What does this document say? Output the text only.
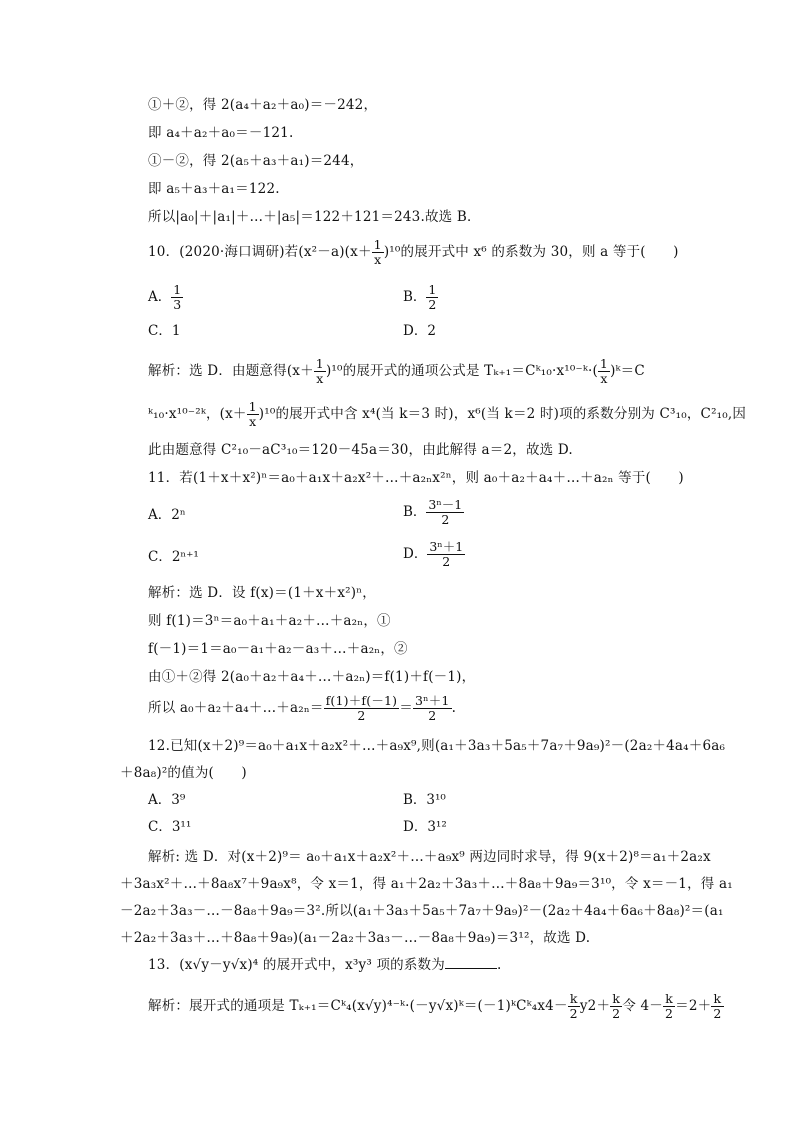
①＋②，得 2(a₄＋a₂＋a₀)＝－242，
即 a₄＋a₂＋a₀＝－121.
①－②，得 2(a₅＋a₃＋a₁)＝244，
即 a₅＋a₃＋a₁＝122.
所以|a₀|＋|a₁|＋…＋|a₅|＝122＋121＝243.故选 B．
10．(2020·海口调研)若$(x^2-a)(x+ \frac{1}{x} )^{10}$的展开式中 x⁶ 的系数为 30，则 a 等于(　　)
A． $\frac{1}{3}$	B． $\frac{1}{2}$
C．1	D．2
解析：选 D．由题意得$(x+ \frac{1}{x} )^{10}$的展开式的通项公式是 Tₖ₊₁＝Cᵏ₁₀·x¹⁰⁻ᵏ·( $\frac{1}{x}$ )ᵏ＝C
ᵏ₁₀·x¹⁰⁻²ᵏ，$(x+ \frac{1}{x} )^{10}$的展开式中含 x⁴(当 k＝3 时)，x⁶(当 k＝2 时)项的系数分别为 C³₁₀，C²₁₀,因
此由题意得 C²₁₀－aC³₁₀＝120－45a＝30，由此解得 a＝2，故选 D.
11．若(1＋x＋x²)ⁿ＝a₀＋a₁x＋a₂x²＋…＋a₂ₙx²ⁿ，则 a₀＋a₂＋a₄＋…＋a₂ₙ 等于(　　)
A．2ⁿ	B． $\frac{\text{3ⁿ－1}}{2}$
C．2ⁿ⁺¹	D． $\frac{\text{3ⁿ＋1}}{2}$
解析：选 D．设 f(x)＝(1＋x＋x²)ⁿ，
则 f(1)＝3ⁿ＝a₀＋a₁＋a₂＋…＋a₂ₙ，①
f(－1)＝1＝a₀－a₁＋a₂－a₃＋…＋a₂ₙ，②
由①＋②得 2(a₀＋a₂＋a₄＋…＋a₂ₙ)＝f(1)＋f(－1)，
所以 a₀＋a₂＋a₄＋…＋a₂ₙ＝ $\frac{f(1)+f(-1)}{2} = \frac{\text{3ⁿ＋1}}{2}$ .
12.已知(x＋2)⁹＝a₀＋a₁x＋a₂x²＋…＋a₉x⁹,则(a₁＋3a₃＋5a₅＋7a₇＋9a₉)²－(2a₂＋4a₄＋6a₆
＋8a₈)²的值为(　　)
A．3⁹	B．3¹⁰
C．3¹¹	D．3¹²
解析: 选 D．对(x＋2)⁹＝ a₀＋a₁x＋a₂x²＋…＋a₉x⁹ 两边同时求导，得 9(x＋2)⁸＝a₁＋2a₂x
＋3a₃x²＋…＋8a₈x⁷＋9a₉x⁸，令 x＝1，得 a₁＋2a₂＋3a₃＋…＋8a₈＋9a₉＝3¹⁰，令 x＝－1，得 a₁
－2a₂＋3a₃－…－8a₈＋9a₉＝3².所以(a₁＋3a₃＋5a₅＋7a₇＋9a₉)²－(2a₂＋4a₄＋6a₆＋8a₈)²＝(a₁
＋2a₂＋3a₃＋…＋8a₈＋9a₉)(a₁－2a₂＋3a₃－…－8a₈＋9a₉)＝3¹²，故选 D.
13．(x√y－y√x)⁴ 的展开式中，x³y³ 项的系数为	.
解析：展开式的通项是 Tₖ₊₁＝Cᵏ₄(x√y)⁴⁻ᵏ·(－y√x)ᵏ＝(－1)ᵏCᵏ₄x4－ $\frac{k}{2} y2+ \frac{k}{2}$ 令 $4- \frac{k}{2} =2+ \frac{k}{2}$
